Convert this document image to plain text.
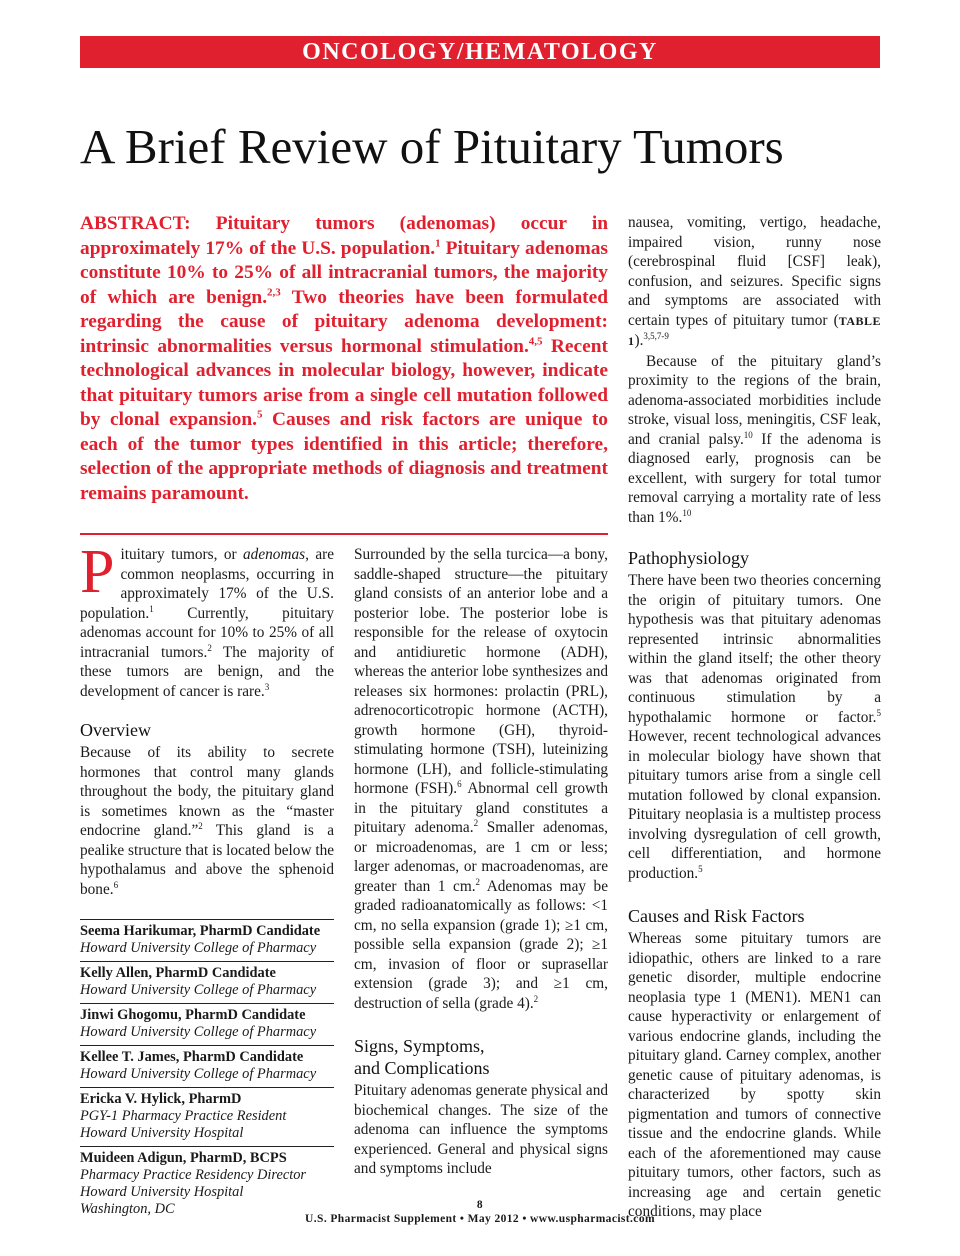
ONCOLOGY/HEMATOLOGY
A Brief Review of Pituitary Tumors

ABSTRACT: Pituitary tumors (adenomas) occur in approximately 17% of the U.S. population.$^1$ Pituitary adenomas constitute 10% to 25% of all intracranial tumors, the majority of which are benign.$^{2,3}$ Two theories have been formulated regarding the cause of pituitary adenoma development: intrinsic abnormalities versus hormonal stimulation.$^{4,5}$ Recent technological advances in molecular biology, however, indicate that pituitary tumors arise from a single cell mutation followed by clonal expansion.$^5$ Causes and risk factors are unique to each of the tumor types identified in this article; therefore, selection of the appropriate methods of diagnosis and treatment remains paramount.

Pituitary tumors, or adenomas, are common neoplasms, occurring in approximately 17% of the U.S. population.$^1$ Currently, pituitary adenomas account for 10% to 25% of all intracranial tumors.$^2$ The majority of these tumors are benign, and the development of cancer is rare.$^3$

Overview

Because of its ability to secrete hormones that control many glands throughout the body, the pituitary gland is sometimes known as the “master endocrine gland.”$^2$ This gland is a pealike structure that is located below the hypothalamus and above the sphenoid bone.$^6$

Seema Harikumar, PharmD Candidate
Howard University College of Pharmacy
Kelly Allen, PharmD Candidate
Howard University College of Pharmacy
Jinwi Ghogomu, PharmD Candidate
Howard University College of Pharmacy
Kellee T. James, PharmD Candidate
Howard University College of Pharmacy
Ericka V. Hylick, PharmD
PGY-1 Pharmacy Practice Resident
Howard University Hospital
Muideen Adigun, PharmD, BCPS
Pharmacy Practice Residency Director
Howard University Hospital
Washington, DC

Surrounded by the sella turcica—a bony, saddle-shaped structure—the pituitary gland consists of an anterior lobe and a posterior lobe. The posterior lobe is responsible for the release of oxytocin and antidiuretic hormone (ADH), whereas the anterior lobe synthesizes and releases six hormones: prolactin (PRL), adrenocorticotropic hormone (ACTH), growth hormone (GH), thyroid-stimulating hormone (TSH), luteinizing hormone (LH), and follicle-stimulating hormone (FSH).$^6$ Abnormal cell growth in the pituitary gland constitutes a pituitary adenoma.$^2$ Smaller adenomas, or microadenomas, are 1 cm or less; larger adenomas, or macroadenomas, are greater than 1 cm.$^2$ Adenomas may be graded radioanatomically as follows: <1 cm, no sella expansion (grade 1); ≥1 cm, possible sella expansion (grade 2); ≥1 cm, invasion of floor or suprasellar extension (grade 3); and ≥1 cm, destruction of sella (grade 4).$^2$

Signs, Symptoms,
and Complications

Pituitary adenomas generate physical and biochemical changes. The size of the adenoma can influence the symptoms experienced. General and physical signs and symptoms include

nausea, vomiting, vertigo, headache, impaired vision, runny nose (cerebrospinal fluid [CSF] leak), confusion, and seizures. Specific signs and symptoms are associated with certain types of pituitary tumor (TABLE 1).$^{3,5,7-9}$

Because of the pituitary gland’s proximity to the regions of the brain, adenoma-associated morbidities include stroke, visual loss, meningitis, CSF leak, and cranial palsy.$^{10}$ If the adenoma is diagnosed early, prognosis can be excellent, with surgery for total tumor removal carrying a mortality rate of less than 1%.$^{10}$

Pathophysiology

There have been two theories concerning the origin of pituitary tumors. One hypothesis was that pituitary adenomas represented intrinsic abnormalities within the gland itself; the other theory was that adenomas originated from continuous stimulation by a hypothalamic hormone or factor.$^5$ However, recent technological advances in molecular biology have shown that pituitary tumors arise from a single cell mutation followed by clonal expansion. Pituitary neoplasia is a multistep process involving dysregulation of cell growth, cell differentiation, and hormone production.$^5$

Causes and Risk Factors

Whereas some pituitary tumors are idiopathic, others are linked to a rare genetic disorder, multiple endocrine neoplasia type 1 (MEN1). MEN1 can cause hyperactivity or enlargement of various endocrine glands, including the pituitary gland. Carney complex, another genetic cause of pituitary adenomas, is characterized by spotty skin pigmentation and tumors of connective tissue and the endocrine glands. While each of the aforementioned may cause pituitary tumors, other factors, such as increasing age and certain genetic conditions, may place

8
U.S. Pharmacist Supplement • May 2012 • www.uspharmacist.com
